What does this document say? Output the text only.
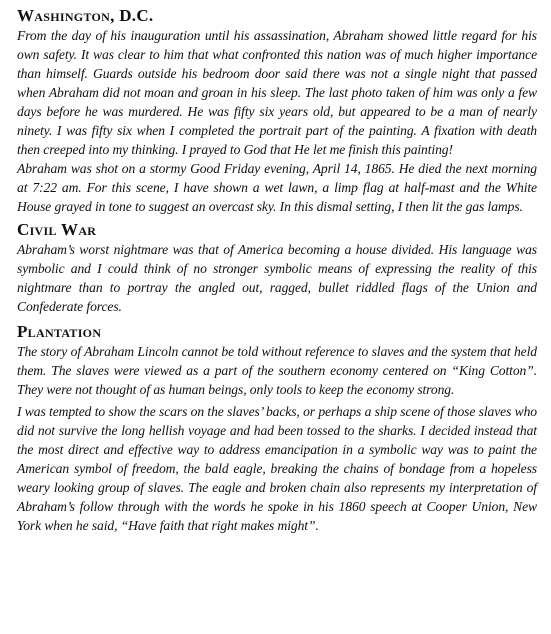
Washington, D.C.

From the day of his inauguration until his assassination, Abraham showed little regard for his own safety. It was clear to him that what confronted this nation was of much higher importance than himself. Guards outside his bedroom door said there was not a single night that passed when Abraham did not moan and groan in his sleep. The last photo taken of him was only a few days before he was murdered. He was fifty six years old, but appeared to be a man of nearly ninety. I was fifty six when I completed the portrait part of the painting. A fixation with death then creeped into my thinking. I prayed to God that He let me finish this painting!

Abraham was shot on a stormy Good Friday evening, April 14, 1865. He died the next morning at 7:22 am. For this scene, I have shown a wet lawn, a limp flag at half-mast and the White House grayed in tone to suggest an overcast sky. In this dismal setting, I then lit the gas lamps.

Civil War

Abraham’s worst nightmare was that of America becoming a house divided. His language was symbolic and I could think of no stronger symbolic means of expressing the reality of this nightmare than to portray the angled out, ragged, bullet riddled flags of the Union and Confederate forces.

Plantation

The story of Abraham Lincoln cannot be told without reference to slaves and the system that held them. The slaves were viewed as a part of the southern economy centered on “King Cotton”. They were not thought of as human beings, only tools to keep the economy strong.

I was tempted to show the scars on the slaves’ backs, or perhaps a ship scene of those slaves who did not survive the long hellish voyage and had been tossed to the sharks. I decided instead that the most direct and effective way to address emancipation in a symbolic way was to paint the American symbol of freedom, the bald eagle, breaking the chains of bondage from a hopeless weary looking group of slaves. The eagle and broken chain also represents my interpretation of Abraham’s follow through with the words he spoke in his 1860 speech at Cooper Union, New York when he said, “Have faith that right makes might”.
